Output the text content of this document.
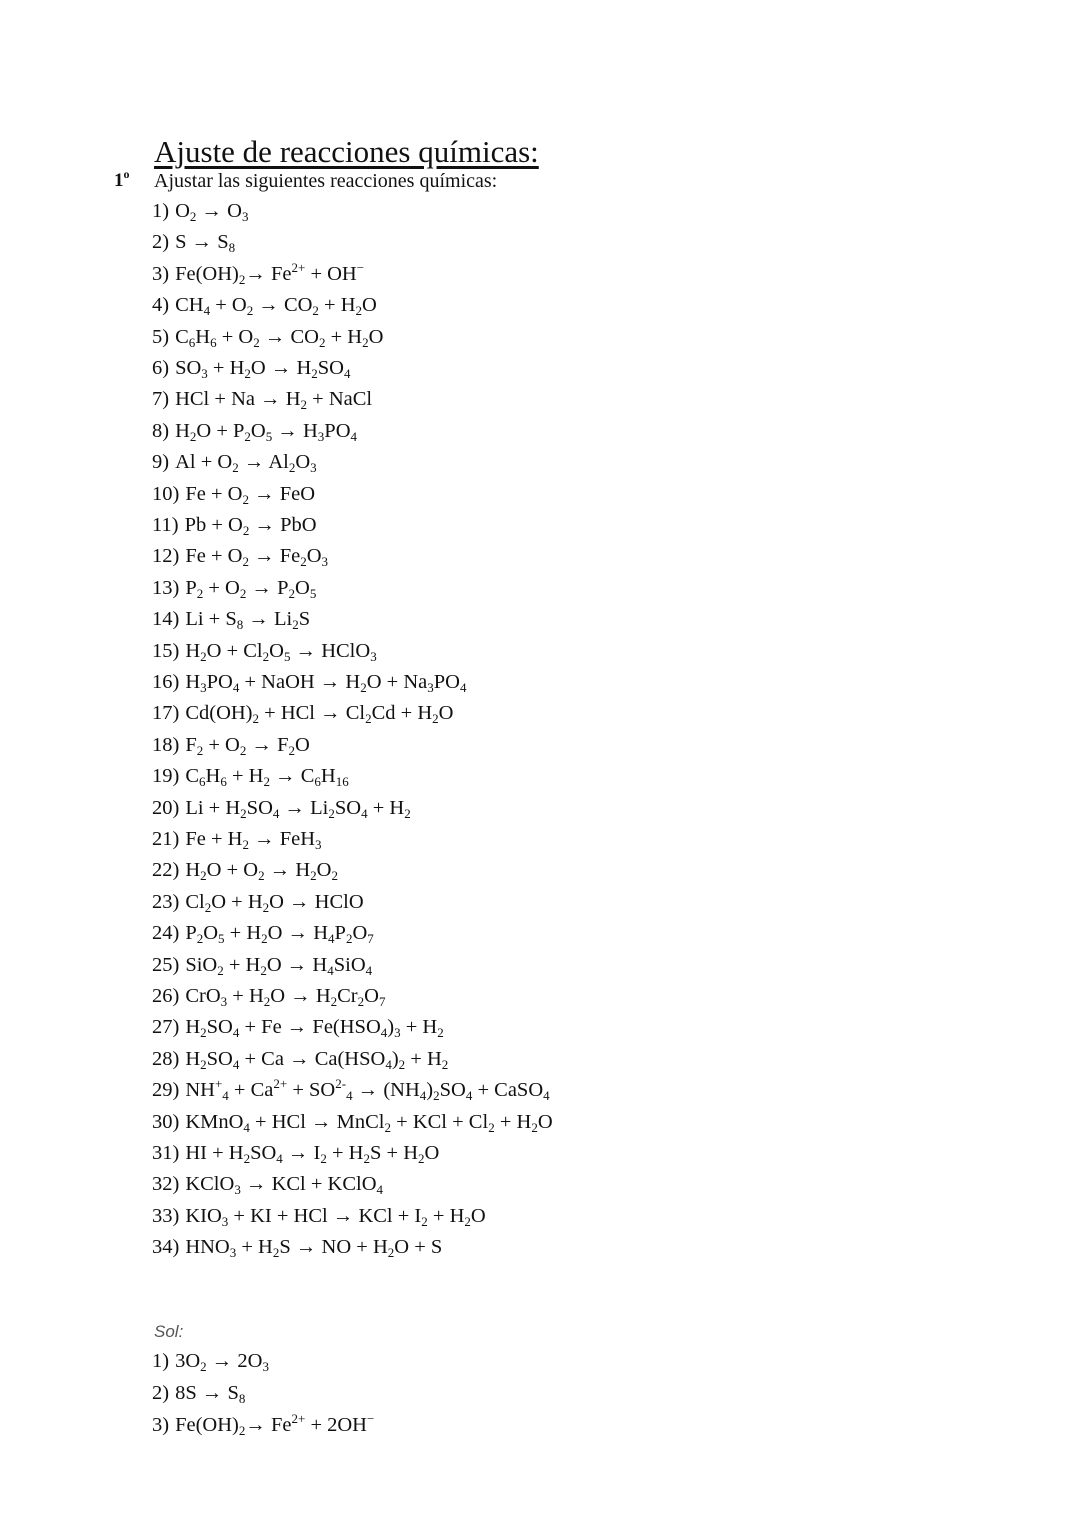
Ajuste de reacciones químicas:
1$^o$ Ajustar las siguientes reacciones químicas:
1) $O_2 \to O_3$
2) $S \to S_8$
3) $Fe(OH)_2\to Fe^{2+} + OH^-$
4) $CH_4 + O_2 \to CO_2 + H_2O$
5) $C_6H_6 + O_2 \to CO_2 + H_2O$
6) $SO_3 + H_2O \to H_2SO_4$
7) HCl + $Na \to H_2$ + NaCl
8) $H_2O + P_2O_5 \to H_3PO_4$
9) $Al + O_2 \to Al_2O_3$
10) $Fe + O_2$ → FeO
11) $Pb + O_2$ → PbO
12) $Fe + O_2 \to Fe_2O_3$
13) $P_2 + O_2 \to P_2O_5$
14) $Li + S_8 \to Li_2S$
15) $H_2O + Cl_2O_5$ → HClO$_3$
16) $H_3PO_4$ + NaOH → $H_2O + Na_3PO_4$
17) $Cd(OH)_2$ + HCl → $Cl_2Cd + H_2O$
18) $F_2 + O_2 \to F_2O$
19) $C_6H_6 + H_2 \to C_6H_{16}$
20) $Li + H_2SO_4 \to Li_2SO_4 + H_2$
21) $Fe + H_2 \to FeH_3$
22) $H_2O + O_2 \to H_2O_2$
23) $Cl_2O + H_2O$ → HClO
24) $P_2O_5 + H_2O \to H_4P_2O_7$
25) $SiO_2 + H_2O \to H_4SiO_4$
26) $CrO_3 + H_2O \to H_2Cr_2O_7$
27) $H_2SO_4 + Fe \to Fe(HSO_4)_3 + H_2$
28) $H_2SO_4 + Ca \to Ca(HSO_4)_2 + H_2$
29) $NH^+_4 + Ca^{2+} + SO^{2-}_4 \to (NH_4)_2SO_4$ + CaSO$_4$
30) KMnO$_4$ + HCl → MnCl$_2$ + KCl + $Cl_2 + H_2O$
31) HI + $H_2SO_4 \to I_2 + H_2S + H_2O$
32) KClO$_3$ → KCl + KClO$_4$
33) $KIO_3$ + KI + HCl → KCl + $I_2 + H_2O$
34) $HNO_3 + H_2S$ → NO + $H_2O + S$
Sol:
1) $3O_2 \to 2O_3$
2) $8S \to S_8$
3) $Fe(OH)_2\to Fe^{2+} + 2OH^-$
